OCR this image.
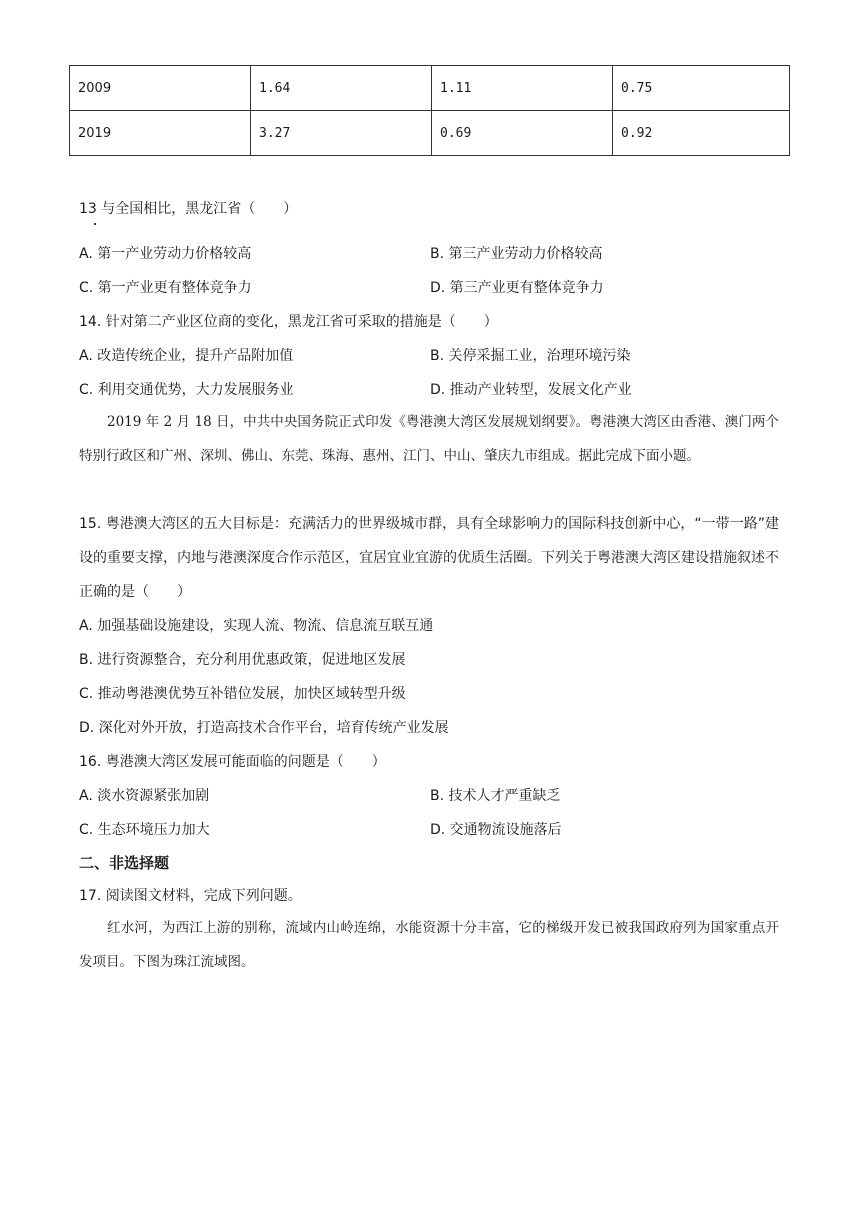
2009	1.64	1.11	0.75
2019	3.27	0.69	0.92
13 与全国相比，黑龙江省（　　）
A. 第一产业劳动力价格较高	B. 第三产业劳动力价格较高
C. 第一产业更有整体竞争力	D. 第三产业更有整体竞争力
14. 针对第二产业区位商的变化，黑龙江省可采取的措施是（　　）
A. 改造传统企业，提升产品附加值	B. 关停采掘工业，治理环境污染
C. 利用交通优势，大力发展服务业	D. 推动产业转型，发展文化产业
2019 年 2 月 18 日，中共中央国务院正式印发《粤港澳大湾区发展规划纲要》。粤港澳大湾区由香港、澳门两个特别行政区和广州、深圳、佛山、东莞、珠海、惠州、江门、中山、肇庆九市组成。据此完成下面小题。
15. 粤港澳大湾区的五大目标是：充满活力的世界级城市群，具有全球影响力的国际科技创新中心，“一带一路”建设的重要支撑，内地与港澳深度合作示范区，宜居宜业宜游的优质生活圈。下列关于粤港澳大湾区建设措施叙述不正确的是（　　）
A. 加强基础设施建设，实现人流、物流、信息流互联互通
B. 进行资源整合，充分利用优惠政策，促进地区发展
C. 推动粤港澳优势互补错位发展，加快区域转型升级
D. 深化对外开放，打造高技术合作平台，培育传统产业发展
16. 粤港澳大湾区发展可能面临的问题是（　　）
A. 淡水资源紧张加剧	B. 技术人才严重缺乏
C. 生态环境压力加大	D. 交通物流设施落后
二、非选择题
17. 阅读图文材料，完成下列问题。
红水河，为西江上游的别称，流域内山岭连绵，水能资源十分丰富，它的梯级开发已被我国政府列为国家重点开发项目。下图为珠江流域图。
